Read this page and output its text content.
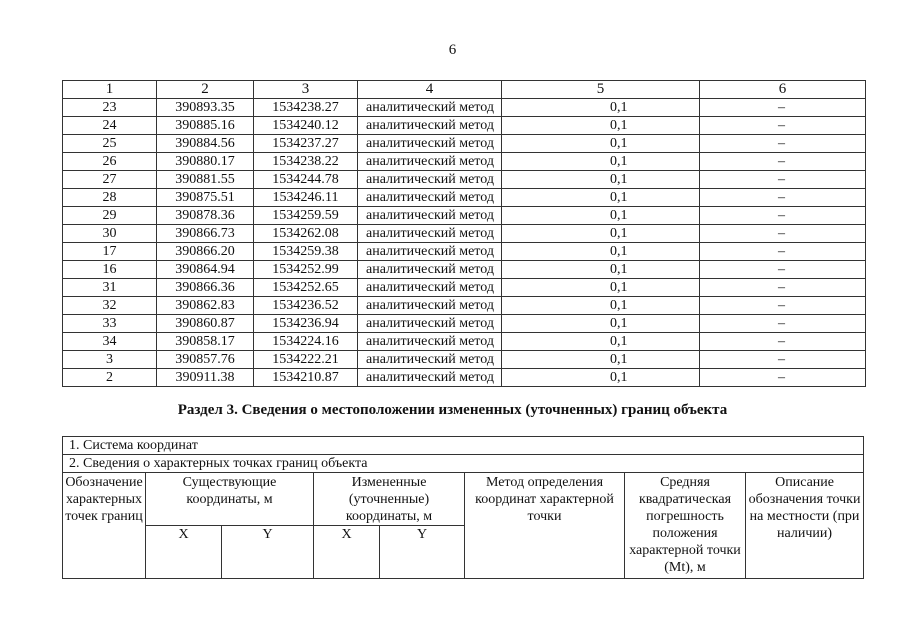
6
1	2	3	4	5	6
23	390893.35	1534238.27	аналитический метод	0,1	–
24	390885.16	1534240.12	аналитический метод	0,1	–
25	390884.56	1534237.27	аналитический метод	0,1	–
26	390880.17	1534238.22	аналитический метод	0,1	–
27	390881.55	1534244.78	аналитический метод	0,1	–
28	390875.51	1534246.11	аналитический метод	0,1	–
29	390878.36	1534259.59	аналитический метод	0,1	–
30	390866.73	1534262.08	аналитический метод	0,1	–
17	390866.20	1534259.38	аналитический метод	0,1	–
16	390864.94	1534252.99	аналитический метод	0,1	–
31	390866.36	1534252.65	аналитический метод	0,1	–
32	390862.83	1534236.52	аналитический метод	0,1	–
33	390860.87	1534236.94	аналитический метод	0,1	–
34	390858.17	1534224.16	аналитический метод	0,1	–
3	390857.76	1534222.21	аналитический метод	0,1	–
2	390911.38	1534210.87	аналитический метод	0,1	–
Раздел 3. Сведения о местоположении измененных (уточненных) границ объекта
1. Система координат							
2. Сведения о характерных точках границ объекта							
Обозначение характерных точек границ	Существующие координаты, м		Измененные (уточненные) координаты, м		Метод определения координат характерной точки	Средняя квадратическая погрешность положения характерной точки (Mt), м	Описание обозначения точки на местности (при наличии)
	X	Y	X	Y			
